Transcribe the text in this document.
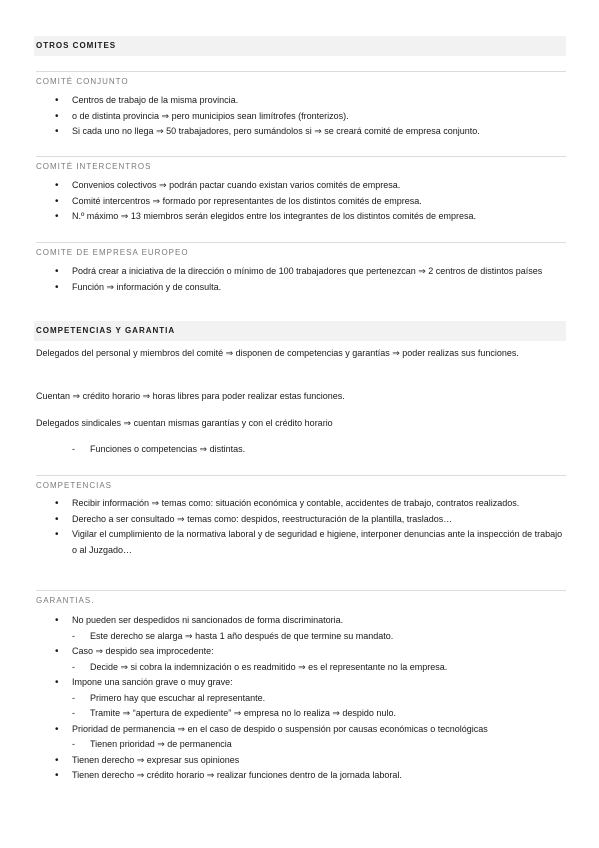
OTROS COMITES
COMITÉ CONJUNTO
• Centros de trabajo de la misma provincia.
• o de distinta provincia ⇒ pero municipios sean limítrofes (fronterizos).
• Si cada uno no llega ⇒ 50 trabajadores, pero sumándolos si ⇒ se creará comité de empresa conjunto.
COMITÉ INTERCENTROS
• Convenios colectivos ⇒ podrán pactar cuando existan varios comités de empresa.
• Comité intercentros ⇒ formado por representantes de los distintos comités de empresa.
• N.º máximo ⇒ 13 miembros serán elegidos entre los integrantes de los distintos comités de empresa.
COMITE DE EMPRESA EUROPEO
• Podrá crear a iniciativa de la dirección o mínimo de 100 trabajadores que pertenezcan ⇒ 2 centros de distintos países
• Función ⇒ información y de consulta.
COMPETENCIAS Y GARANTIA
Delegados del personal y miembros del comité ⇒ disponen de competencias y garantías ⇒ poder realizas sus funciones.
Cuentan ⇒ crédito horario ⇒ horas libres para poder realizar estas funciones.
Delegados sindicales ⇒ cuentan mismas garantías y con el crédito horario
- Funciones o competencias ⇒ distintas.
COMPETENCIAS
• Recibir información ⇒ temas como: situación económica y contable, accidentes de trabajo, contratos realizados.
• Derecho a ser consultado ⇒ temas como: despidos, reestructuración de la plantilla, traslados…
• Vigilar el cumplimiento de la normativa laboral y de seguridad e higiene, interponer denuncias ante la inspección de trabajo o al Juzgado…
GARANTIAS.
• No pueden ser despedidos ni sancionados de forma discriminatoria.
- Este derecho se alarga ⇒ hasta 1 año después de que termine su mandato.
• Caso ⇒ despido sea improcedente:
- Decide ⇒ si cobra la indemnización o es readmitido ⇒ es el representante no la empresa.
• Impone una sanción grave o muy grave:
- Primero hay que escuchar al representante.
- Tramite ⇒ “apertura de expediente” ⇒ empresa no lo realiza ⇒ despido nulo.
• Prioridad de permanencia ⇒ en el caso de despido o suspensión por causas económicas o tecnológicas
- Tienen prioridad ⇒ de permanencia
• Tienen derecho ⇒ expresar sus opiniones
• Tienen derecho ⇒ crédito horario ⇒ realizar funciones dentro de la jornada laboral.
